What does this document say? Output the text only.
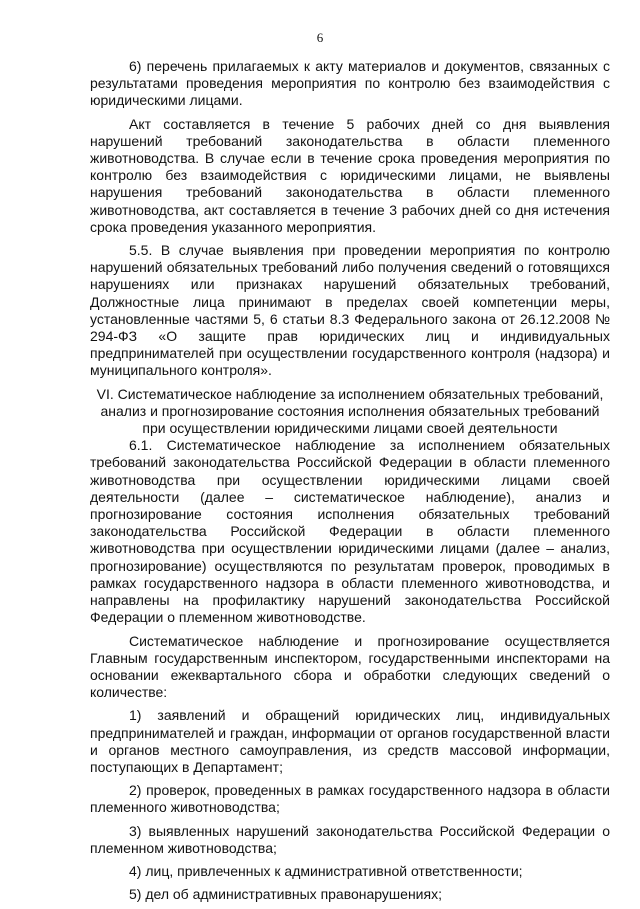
6

6) перечень прилагаемых к акту материалов и документов, связанных с результатами проведения мероприятия по контролю без взаимодействия с юридическими лицами.

Акт составляется в течение 5 рабочих дней со дня выявления нарушений требований законодательства в области племенного животноводства. В случае если в течение срока проведения мероприятия по контролю без взаимодействия с юридическими лицами, не выявлены нарушения требований законодательства в области племенного животноводства, акт составляется в течение 3 рабочих дней со дня истечения срока проведения указанного мероприятия.

5.5. В случае выявления при проведении мероприятия по контролю нарушений обязательных требований либо получения сведений о готовящихся нарушениях или признаках нарушений обязательных требований, Должностные лица принимают в пределах своей компетенции меры, установленные частями 5, 6 статьи 8.3 Федерального закона от 26.12.2008 № 294-ФЗ «О защите прав юридических лиц и индивидуальных предпринимателей при осуществлении государственного контроля (надзора) и муниципального контроля».

VI. Систематическое наблюдение за исполнением обязательных требований, анализ и прогнозирование состояния исполнения обязательных требований при осуществлении юридическими лицами своей деятельности

6.1. Систематическое наблюдение за исполнением обязательных требований законодательства Российской Федерации в области племенного животноводства при осуществлении юридическими лицами своей деятельности (далее – систематическое наблюдение), анализ и прогнозирование состояния исполнения обязательных требований законодательства Российской Федерации в области племенного животноводства при осуществлении юридическими лицами (далее – анализ, прогнозирование) осуществляются по результатам проверок, проводимых в рамках государственного надзора в области племенного животноводства, и направлены на профилактику нарушений законодательства Российской Федерации о племенном животноводстве.

Систематическое наблюдение и прогнозирование осуществляется Главным государственным инспектором, государственными инспекторами на основании ежеквартального сбора и обработки следующих сведений о количестве:

1) заявлений и обращений юридических лиц, индивидуальных предпринимателей и граждан, информации от органов государственной власти и органов местного самоуправления, из средств массовой информации, поступающих в Департамент;

2) проверок, проведенных в рамках государственного надзора в области племенного животноводства;

3) выявленных нарушений законодательства Российской Федерации о племенном животноводства;

4) лиц, привлеченных к административной ответственности;

5) дел об административных правонарушениях;
